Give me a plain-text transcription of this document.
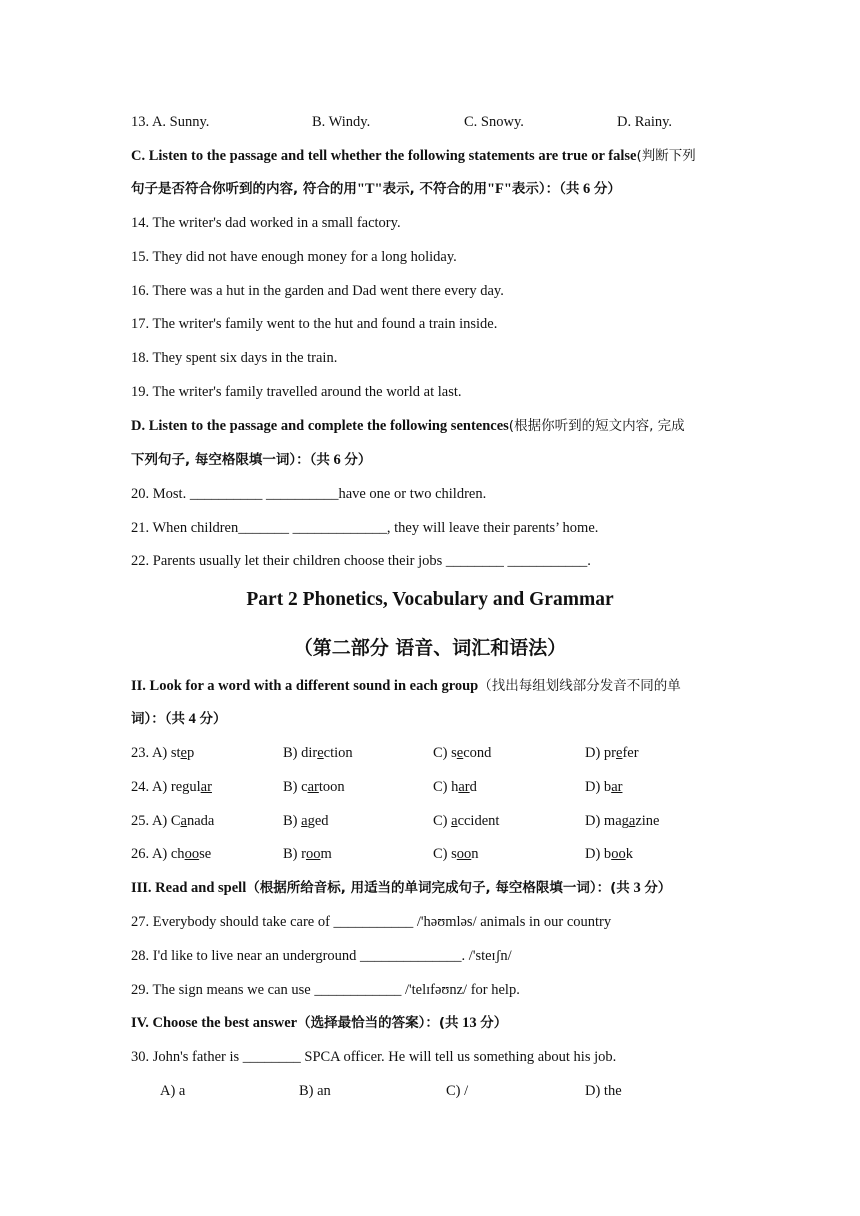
13. A. Sunny.	B. Windy.	C. Snowy.	D. Rainy.
C. Listen to the passage and tell whether the following statements are true or false(判断下列
句子是否符合你听到的内容, 符合的用"T"表示, 不符合的用"F"表示）：（共 6 分）
14. The writer's dad worked in a small factory.
15. They did not have enough money for a long holiday.
16. There was a hut in the garden and Dad went there every day.
17. The writer's family went to the hut and found a train inside.
18. They spent six days in the train.
19. The writer's family travelled around the world at last.
D. Listen to the passage and complete the following sentences(根据你听到的短文内容, 完成
下列句子, 每空格限填一词）：（共 6 分）
20. Most. __________ __________have one or two children.
21. When children_______ _____________, they will leave their parents’ home.
22. Parents usually let their children choose their jobs ________ ___________.
Part 2 Phonetics, Vocabulary and Grammar
（第二部分 语音、词汇和语法）
II. Look for a word with a different sound in each group（找出每组划线部分发音不同的单
词）：（共 4 分）
23. A) step	B) direction	C) second	D) prefer
24. A) regular	B) cartoon	C) hard	D) bar
25. A) Canada	B) aged	C) accident	D) magazine
26. A) choose	B) room	C) soon	D) book
III. Read and spell（根据所给音标, 用适当的单词完成句子, 每空格限填一词）：(共 3 分）
27. Everybody should take care of ___________ /'həʊmləs/ animals in our country
28. I'd like to live near an underground ______________. /'steɪʃn/
29. The sign means we can use ____________ /'telɪfəʊnz/ for help.
IV. Choose the best answer（选择最恰当的答案）：(共 13 分）
30. John's father is ________ SPCA officer. He will tell us something about his job.
A) a	B) an	C) /	D) the
